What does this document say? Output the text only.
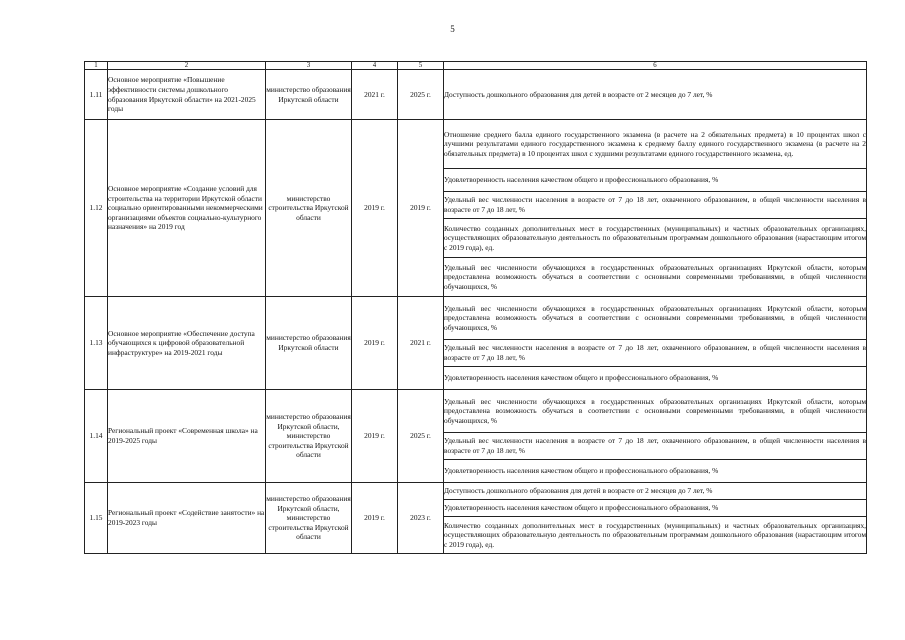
5
1	2	3	4	5	6
1.11	Основное мероприятие «Повышение эффективности системы дошкольного образования Иркутской области» на 2021-2025 годы	министерство образования Иркутской области	2021 г.	2025 г.	Доступность дошкольного образования для детей в возрасте от 2 месяцев до 7 лет, %
1.12	Основное мероприятие «Создание условий для строительства на территории Иркутской области социально ориентированными некоммерческими организациями объектов социально-культурного назначения» на 2019 год	министерство строительства Иркутской области	2019 г.	2019 г.	Отношение среднего балла единого государственного экзамена (в расчете на 2 обязательных предмета) в 10 процентах школ с лучшими результатами единого государственного экзамена к среднему баллу единого государственного экзамена (в расчете на 2 обязательных предмета) в 10 процентах школ с худшими результатами единого государственного экзамена, ед.
					Удовлетворенность населения качеством общего и профессионального образования, %
					Удельный вес численности населения в возрасте от 7 до 18 лет, охваченного образованием, в общей численности населения в возрасте от 7 до 18 лет, %
					Количество созданных дополнительных мест в государственных (муниципальных) и частных образовательных организациях, осуществляющих образовательную деятельность по образовательным программам дошкольного образования (нарастающим итогом с 2019 года), ед.
					Удельный вес численности обучающихся в государственных образовательных организациях Иркутской области, которым предоставлена возможность обучаться в соответствии с основными современными требованиями, в общей численности обучающихся, %
1.13	Основное мероприятие «Обеспечение доступа обучающихся к цифровой образовательной инфраструктуре» на 2019-2021 годы	министерство образования Иркутской области	2019 г.	2021 г.	Удельный вес численности обучающихся в государственных образовательных организациях Иркутской области, которым предоставлена возможность обучаться в соответствии с основными современными требованиями, в общей численности обучающихся, %
					Удельный вес численности населения в возрасте от 7 до 18 лет, охваченного образованием, в общей численности населения в возрасте от 7 до 18 лет, %
					Удовлетворенность населения качеством общего и профессионального образования, %
1.14	Региональный проект «Современная школа» на 2019-2025 годы	министерство образования Иркутской области, министерство строительства Иркутской области	2019 г.	2025 г.	Удельный вес численности обучающихся в государственных образовательных организациях Иркутской области, которым предоставлена возможность обучаться в соответствии с основными современными требованиями, в общей численности обучающихся, %
					Удельный вес численности населения в возрасте от 7 до 18 лет, охваченного образованием, в общей численности населения в возрасте от 7 до 18 лет, %
					Удовлетворенность населения качеством общего и профессионального образования, %
1.15	Региональный проект «Содействие занятости» на 2019-2023 годы	министерство образования Иркутской области, министерство строительства Иркутской области	2019 г.	2023 г.	Доступность дошкольного образования для детей в возрасте от 2 месяцев до 7 лет, %
					Удовлетворенность населения качеством общего и профессионального образования, %
					Количество созданных дополнительных мест в государственных (муниципальных) и частных образовательных организациях, осуществляющих образовательную деятельность по образовательным программам дошкольного образования (нарастающим итогом с 2019 года), ед.
